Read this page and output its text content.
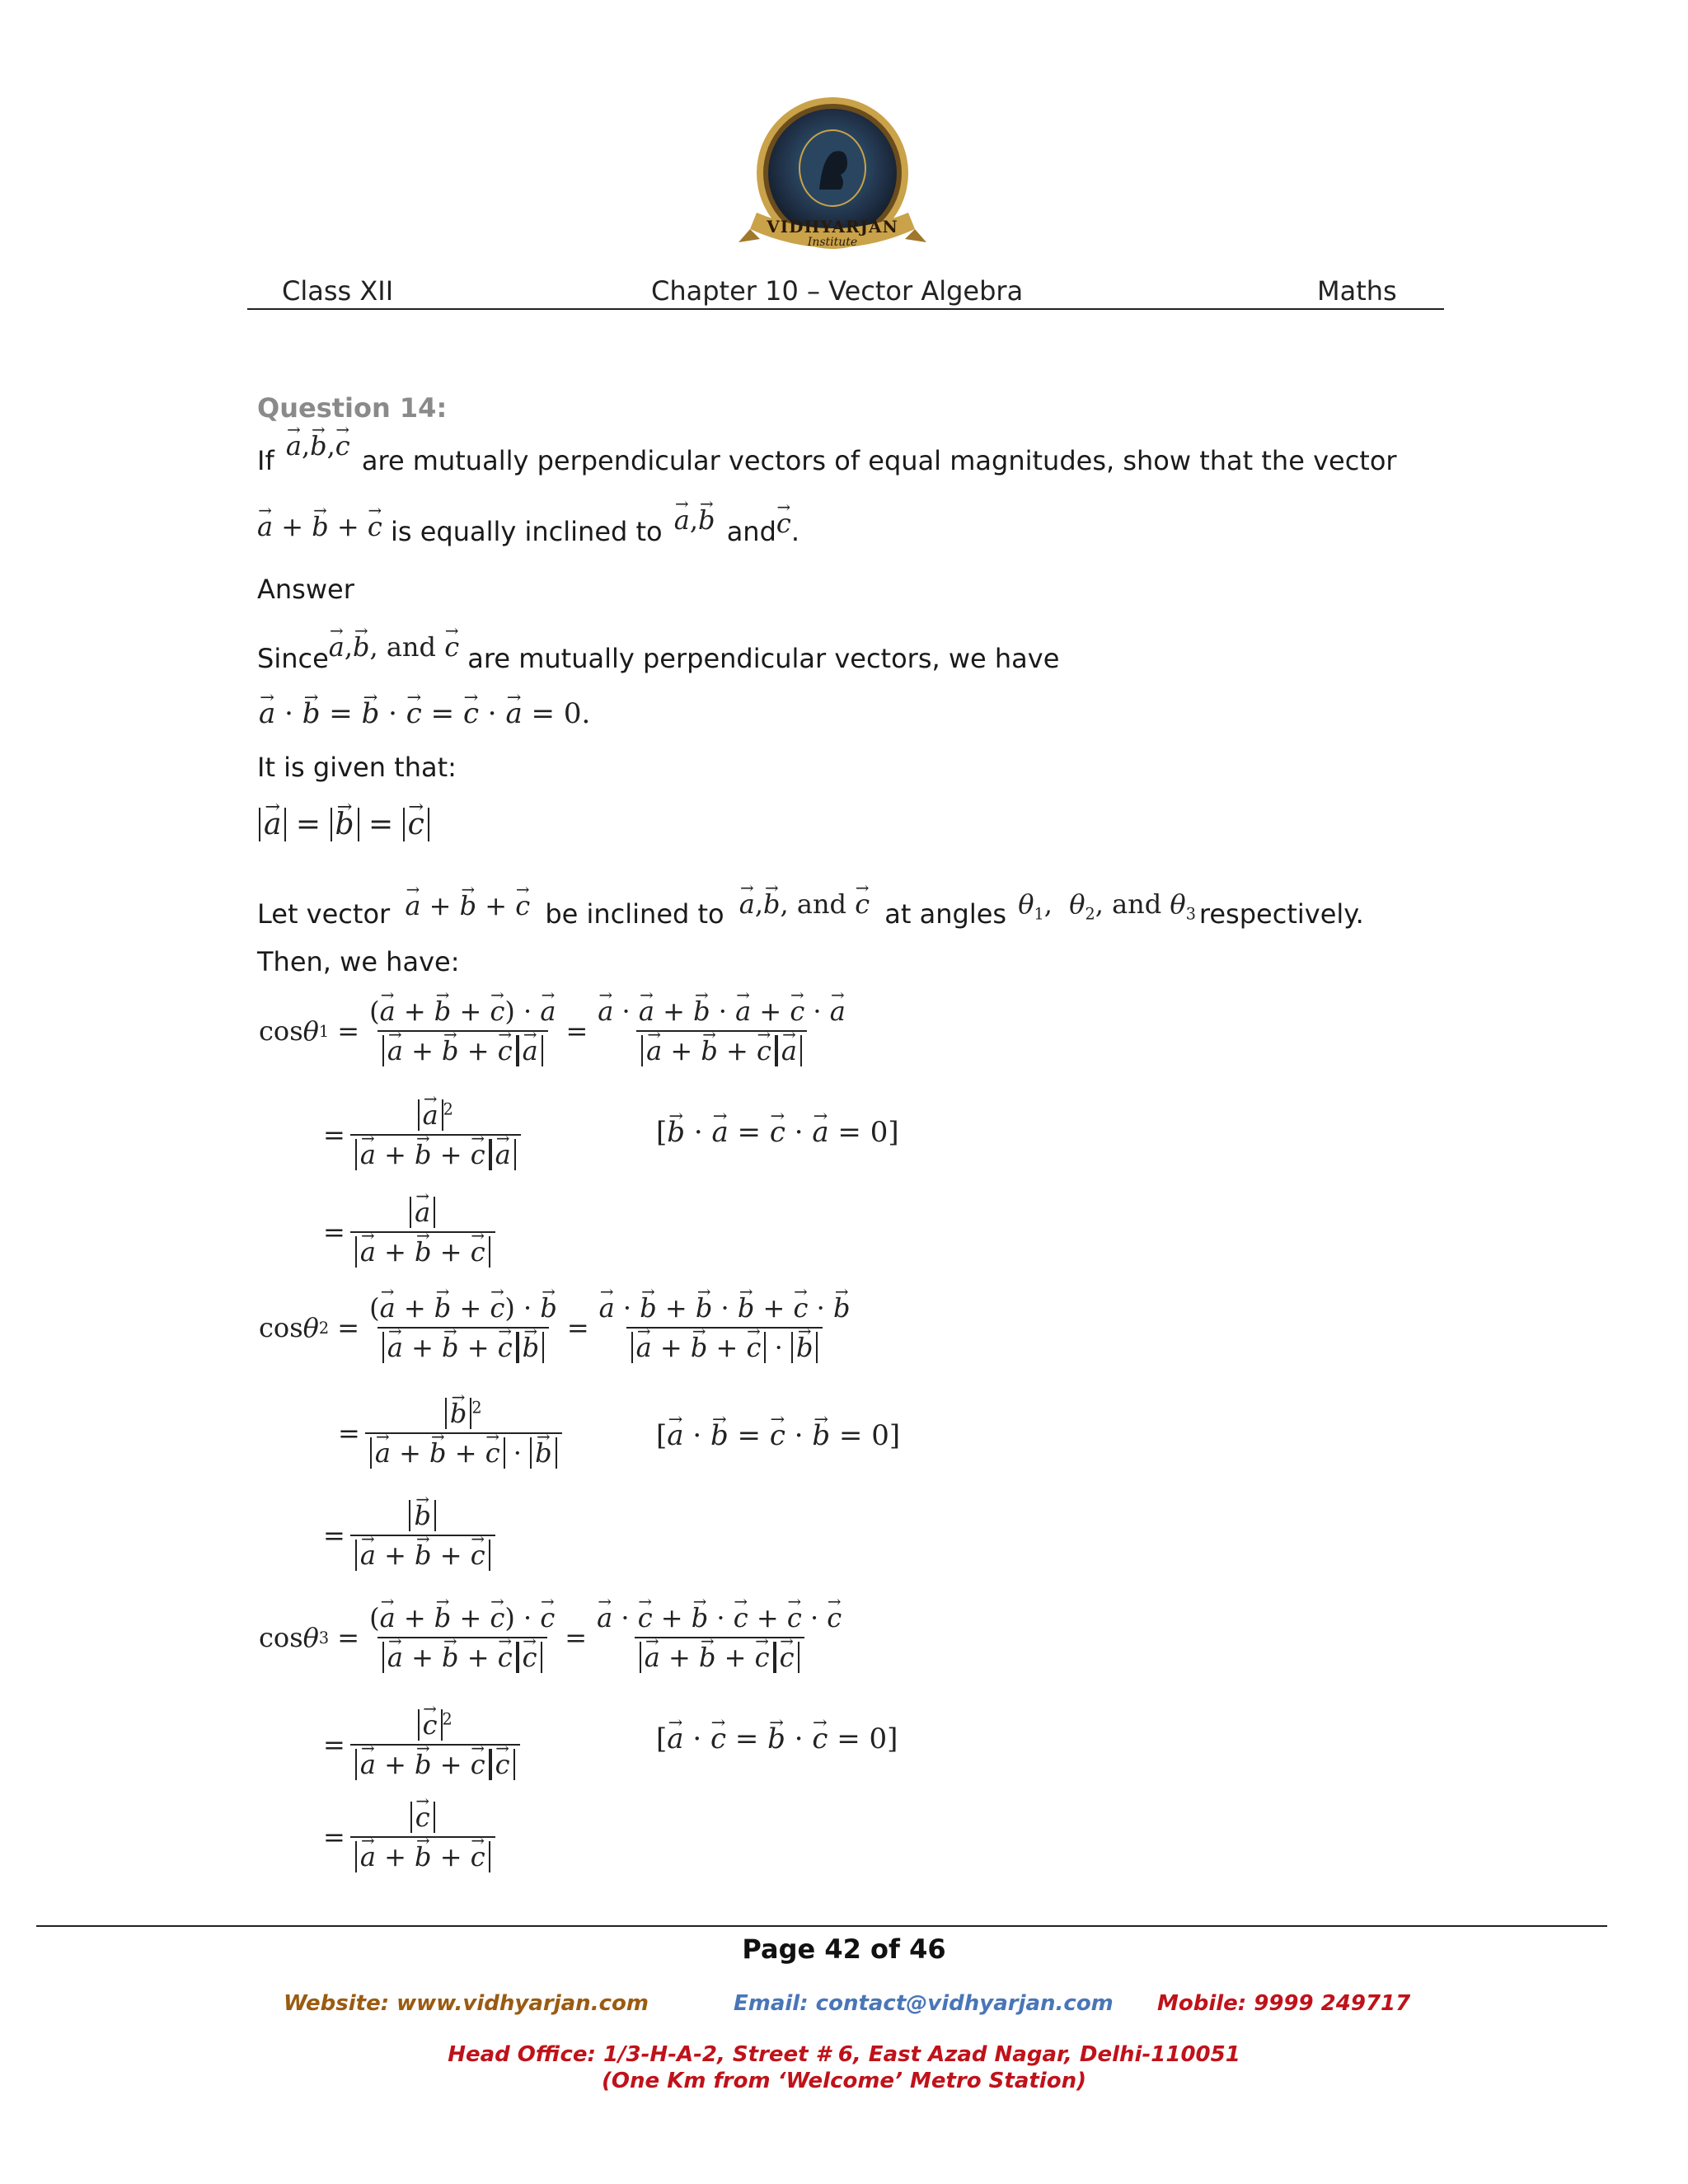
VIDHYARJAN
Institute
Class XII	Chapter 10 – Vector Algebra	Maths
Question 14:
If → a,→ b,→ c are mutually perpendicular vectors of equal magnitudes, show that the vector
→ a + → b + → c is equally inclined to → a,→ b and→ c.
Answer
Since→ a,→ b, and → c are mutually perpendicular vectors, we have
→ a · → b = → b · → c = → c · → a = 0.
It is given that:
→ a = → b = → c
Let vector → a + → b + → c be inclined to → a,→ b, and → c at angles $\theta_1$,  $\theta_2$, and $\theta_3$ respectively.
Then, we have:
cos θ 1 = (→ a + → b + → c) · → a
→ a + → b + → c → a = → a · → a + → b · → a + → c · → a
→ a + → b + → c → a
= → a $^2$
→ a + → b + → c → a	[→ b · → a = → c · → a = 0]
= → a
→ a + → b + → c
cos θ 2 = (→ a + → b + → c) · → b
→ a + → b + → c → b = → a · → b + → b · → b + → c · → b
→ a + → b + → c · → b
= → b $^2$
→ a + → b + → c · → b	[→ a · → b = → c · → b = 0]
= → b
→ a + → b + → c
cos θ 3 = (→ a + → b + → c) · → c
→ a + → b + → c → c = → a · → c + → b · → c + → c · → c
→ a + → b + → c → c
= → c $^2$
→ a + → b + → c → c	[→ a · → c = → b · → c = 0]
= → c
→ a + → b + → c
Page 42 of 46
Website: www.vidhyarjan.com	Email: contact@vidhyarjan.com Mobile: 9999 249717
Head Office: 1/3-H-A-2, Street # 6, East Azad Nagar, Delhi-110051
(One Km from ‘Welcome’ Metro Station)
